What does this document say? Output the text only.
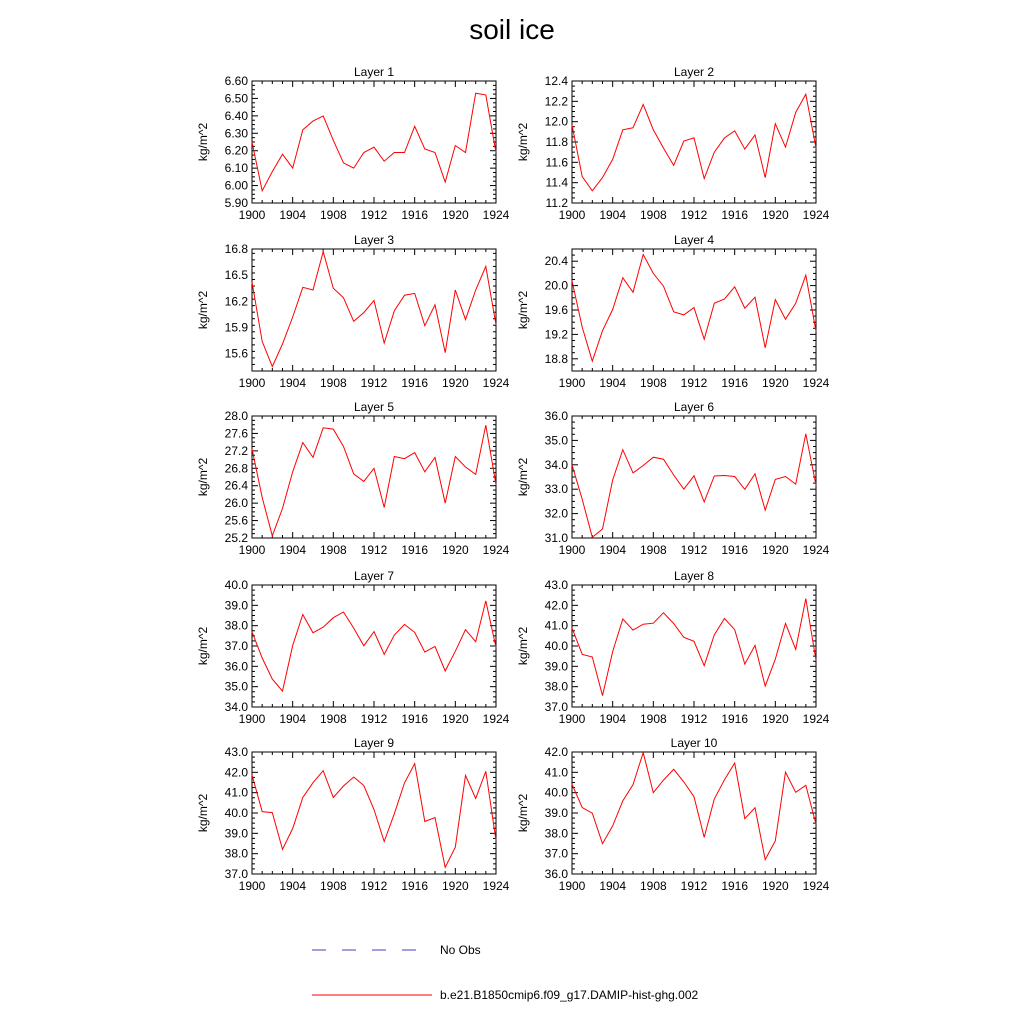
soil ice
Layer 1
1900 1904 1908 1912 1916 1920 1924
5.90
6.00
6.10
6.20
6.30
6.40
6.50
6.60
kg/m^2
Layer 2
1900 1904 1908 1912 1916 1920 1924
11.2
11.4
11.6
11.8
12.0
12.2
12.4
kg/m^2
Layer 3
1900 1904 1908 1912 1916 1920 1924
15.6
15.9
16.2
16.5
16.8
kg/m^2
Layer 4
1900 1904 1908 1912 1916 1920 1924
18.8
19.2
19.6
20.0
20.4
kg/m^2
Layer 5
1900 1904 1908 1912 1916 1920 1924
25.2
25.6
26.0
26.4
26.8
27.2
27.6
28.0
kg/m^2
Layer 6
1900 1904 1908 1912 1916 1920 1924
31.0
32.0
33.0
34.0
35.0
36.0
kg/m^2
Layer 7
1900 1904 1908 1912 1916 1920 1924
34.0
35.0
36.0
37.0
38.0
39.0
40.0
kg/m^2
Layer 8
1900 1904 1908 1912 1916 1920 1924
37.0
38.0
39.0
40.0
41.0
42.0
43.0
kg/m^2
Layer 9
1900 1904 1908 1912 1916 1920 1924
37.0
38.0
39.0
40.0
41.0
42.0
43.0
kg/m^2
Layer 10
1900 1904 1908 1912 1916 1920 1924
36.0
37.0
38.0
39.0
40.0
41.0
42.0
kg/m^2
No Obs
b.e21.B1850cmip6.f09_g17.DAMIP-hist-ghg.002
